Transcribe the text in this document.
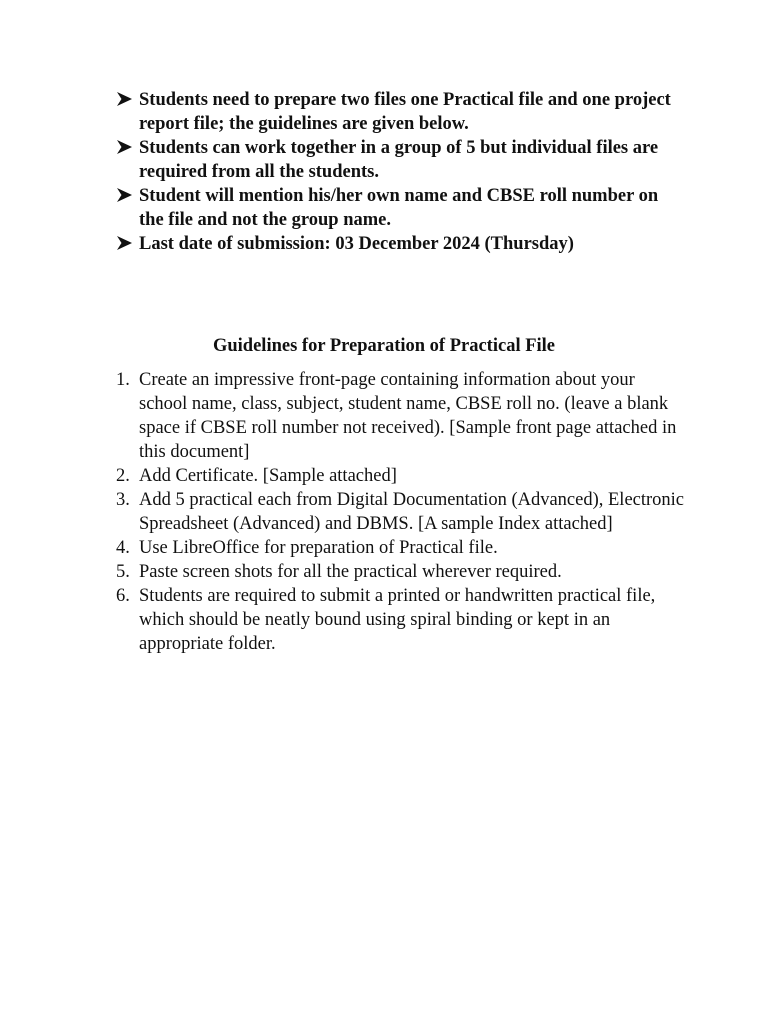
Students need to prepare two files one Practical file and one project report file; the guidelines are given below.
Students can work together in a group of 5 but individual files are required from all the students.
Student will mention his/her own name and CBSE roll number on the file and not the group name.
Last date of submission: 03 December 2024 (Thursday)
Guidelines for Preparation of Practical File
1. Create an impressive front-page containing information about your school name, class, subject, student name, CBSE roll no. (leave a blank space if CBSE roll number not received). [Sample front page attached in this document]
2. Add Certificate. [Sample attached]
3. Add 5 practical each from Digital Documentation (Advanced), Electronic Spreadsheet (Advanced) and DBMS. [A sample Index attached]
4. Use LibreOffice for preparation of Practical file.
5. Paste screen shots for all the practical wherever required.
6. Students are required to submit a printed or handwritten practical file, which should be neatly bound using spiral binding or kept in an appropriate folder.
